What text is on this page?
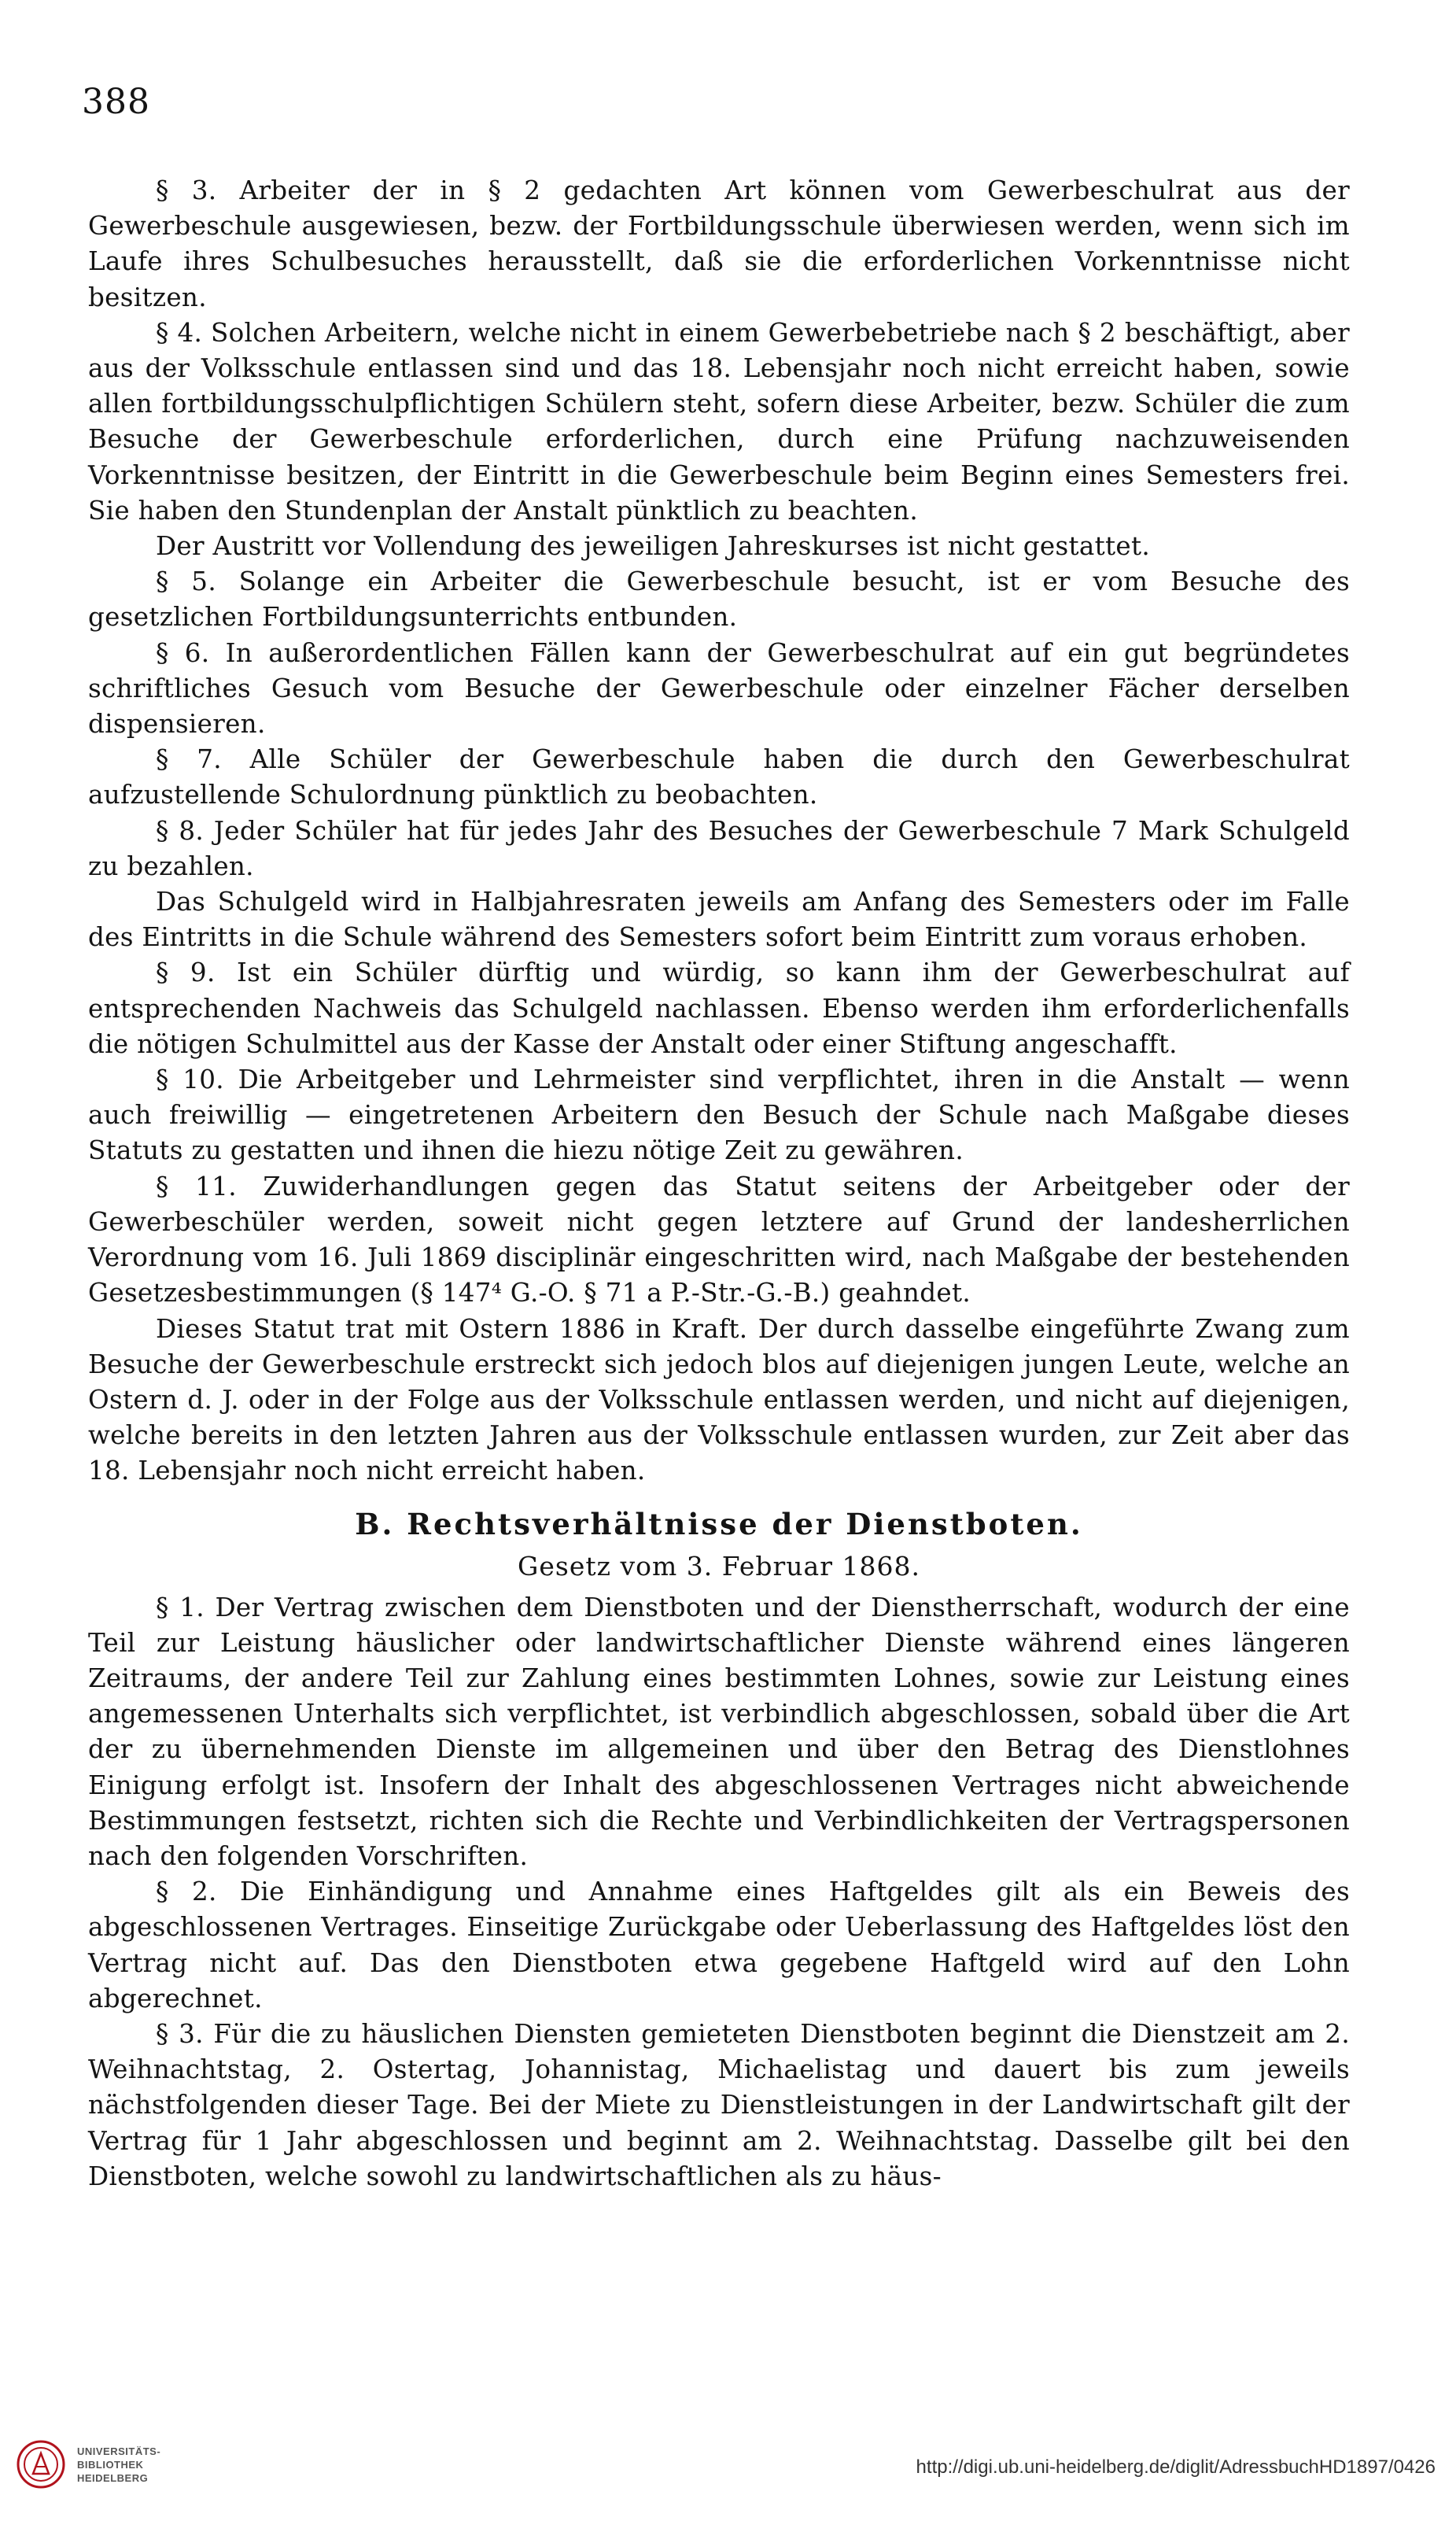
388

§ 3. Arbeiter der in § 2 gedachten Art können vom Gewerbeschulrat aus der Gewerbeschule ausgewiesen, bezw. der Fortbildungsschule überwiesen werden, wenn sich im Laufe ihres Schulbesuches herausstellt, daß sie die erforderlichen Vorkenntnisse nicht besitzen.

§ 4. Solchen Arbeitern, welche nicht in einem Gewerbebetriebe nach § 2 beschäftigt, aber aus der Volksschule entlassen sind und das 18. Lebensjahr noch nicht erreicht haben, sowie allen fortbildungsschulpflichtigen Schülern steht, sofern diese Arbeiter, bezw. Schüler die zum Besuche der Gewerbeschule erforderlichen, durch eine Prüfung nachzuweisenden Vorkenntnisse besitzen, der Eintritt in die Gewerbeschule beim Beginn eines Semesters frei. Sie haben den Stundenplan der Anstalt pünktlich zu beachten.

Der Austritt vor Vollendung des jeweiligen Jahreskurses ist nicht gestattet.

§ 5. Solange ein Arbeiter die Gewerbeschule besucht, ist er vom Besuche des gesetzlichen Fortbildungsunterrichts entbunden.

§ 6. In außerordentlichen Fällen kann der Gewerbeschulrat auf ein gut begründetes schriftliches Gesuch vom Besuche der Gewerbeschule oder einzelner Fächer derselben dispensieren.

§ 7. Alle Schüler der Gewerbeschule haben die durch den Gewerbeschulrat aufzustellende Schulordnung pünktlich zu beobachten.

§ 8. Jeder Schüler hat für jedes Jahr des Besuches der Gewerbeschule 7 Mark Schulgeld zu bezahlen.

Das Schulgeld wird in Halbjahresraten jeweils am Anfang des Semesters oder im Falle des Eintritts in die Schule während des Semesters sofort beim Eintritt zum voraus erhoben.

§ 9. Ist ein Schüler dürftig und würdig, so kann ihm der Gewerbeschulrat auf entsprechenden Nachweis das Schulgeld nachlassen. Ebenso werden ihm erforderlichenfalls die nötigen Schulmittel aus der Kasse der Anstalt oder einer Stiftung angeschafft.

§ 10. Die Arbeitgeber und Lehrmeister sind verpflichtet, ihren in die Anstalt — wenn auch freiwillig — eingetretenen Arbeitern den Besuch der Schule nach Maßgabe dieses Statuts zu gestatten und ihnen die hiezu nötige Zeit zu gewähren.

§ 11. Zuwiderhandlungen gegen das Statut seitens der Arbeitgeber oder der Gewerbeschüler werden, soweit nicht gegen letztere auf Grund der landesherrlichen Verordnung vom 16. Juli 1869 disciplinär eingeschritten wird, nach Maßgabe der bestehenden Gesetzesbestimmungen (§ 147⁴ G.-O. § 71 a P.-Str.-G.-B.) geahndet.

Dieses Statut trat mit Ostern 1886 in Kraft. Der durch dasselbe eingeführte Zwang zum Besuche der Gewerbeschule erstreckt sich jedoch blos auf diejenigen jungen Leute, welche an Ostern d. J. oder in der Folge aus der Volksschule entlassen werden, und nicht auf diejenigen, welche bereits in den letzten Jahren aus der Volksschule entlassen wurden, zur Zeit aber das 18. Lebensjahr noch nicht erreicht haben.

B. Rechtsverhältnisse der Dienstboten.
Gesetz vom 3. Februar 1868.

§ 1. Der Vertrag zwischen dem Dienstboten und der Dienstherrschaft, wodurch der eine Teil zur Leistung häuslicher oder landwirtschaftlicher Dienste während eines längeren Zeitraums, der andere Teil zur Zahlung eines bestimmten Lohnes, sowie zur Leistung eines angemessenen Unterhalts sich verpflichtet, ist verbindlich abgeschlossen, sobald über die Art der zu übernehmenden Dienste im allgemeinen und über den Betrag des Dienstlohnes Einigung erfolgt ist. Insofern der Inhalt des abgeschlossenen Vertrages nicht abweichende Bestimmungen festsetzt, richten sich die Rechte und Verbindlichkeiten der Vertragspersonen nach den folgenden Vorschriften.

§ 2. Die Einhändigung und Annahme eines Haftgeldes gilt als ein Beweis des abgeschlossenen Vertrages. Einseitige Zurückgabe oder Ueberlassung des Haftgeldes löst den Vertrag nicht auf. Das den Dienstboten etwa gegebene Haftgeld wird auf den Lohn abgerechnet.

§ 3. Für die zu häuslichen Diensten gemieteten Dienstboten beginnt die Dienstzeit am 2. Weihnachtstag, 2. Ostertag, Johannistag, Michaelistag und dauert bis zum jeweils nächstfolgenden dieser Tage. Bei der Miete zu Dienstleistungen in der Landwirtschaft gilt der Vertrag für 1 Jahr abgeschlossen und beginnt am 2. Weihnachtstag. Dasselbe gilt bei den Dienstboten, welche sowohl zu landwirtschaftlichen als zu häus-

UNIVERSITÄTS-
BIBLIOTHEK
HEIDELBERG	http://digi.ub.uni-heidelberg.de/diglit/AdressbuchHD1897/0426
